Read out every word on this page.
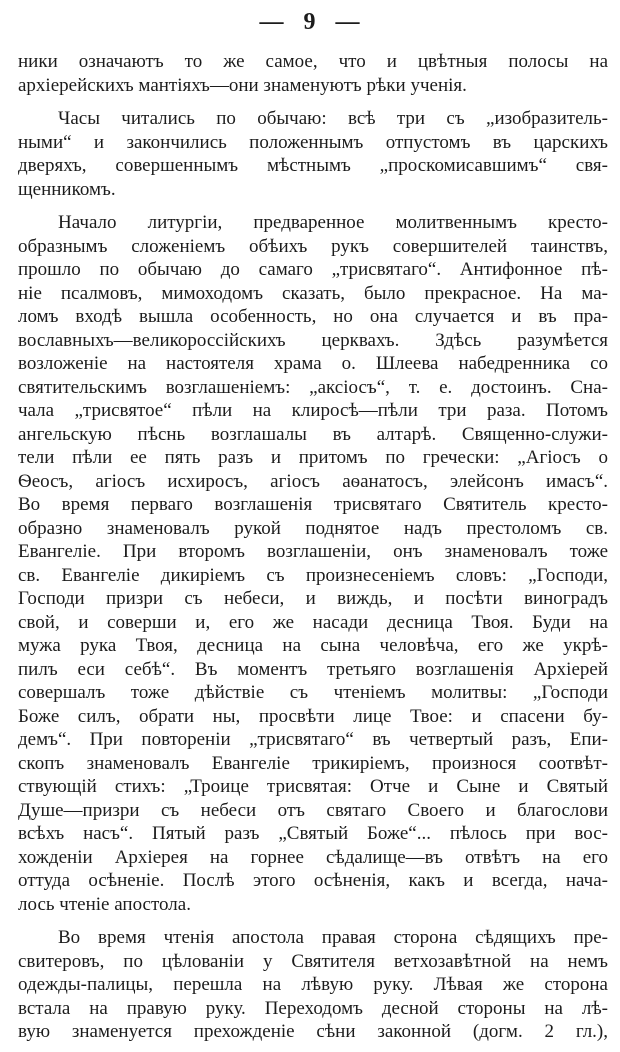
— 9 —

ники означаютъ то же самое, что и цвѣтныя полосы на
архіерейскихъ мантіяхъ—они знаменуютъ рѣки ученія.

Часы читались по обычаю: всѣ три съ „изобразитель-
ными“ и закончились положеннымъ отпустомъ въ царскихъ
дверяхъ, совершеннымъ мѣстнымъ „проскомисавшимъ“ свя-
щенникомъ.

Начало литургіи, предваренное молитвеннымъ кресто-
образнымъ сложеніемъ обѣихъ рукъ совершителей таинствъ,
прошло по обычаю до самаго „трисвятаго“. Антифонное пѣ-
ніе псалмовъ, мимоходомъ сказать, было прекрасное. На ма-
ломъ входѣ вышла особенность, но она случается и въ пра-
вославныхъ—великороссійскихъ церквахъ. Здѣсь разумѣется
возложеніе на настоятеля храма о. Шлеева набедренника со
святительскимъ возглашеніемъ: „аксіосъ“, т. е. достоинъ. Сна-
чала „трисвятое“ пѣли на клиросѣ—пѣли три раза. Потомъ
ангельскую пѣснь возглашалы въ алтарѣ. Священно-служи-
тели пѣли ее пять разъ и притомъ по гречески: „Агіосъ о
Ѳеосъ, агіосъ исхиросъ, агіосъ аѳанатосъ, элейсонъ имасъ“.
Во время перваго возглашенія трисвятаго Святитель кресто-
образно знаменовалъ рукой поднятое надъ престоломъ св.
Евангеліе. При второмъ возглашеніи, онъ знаменовалъ тоже
св. Евангеліе дикиріемъ съ произнесеніемъ словъ: „Господи,
Господи призри съ небеси, и виждь, и посѣти виноградъ
свой, и соверши и, его же насади десница Твоя. Буди на
мужа рука Твоя, десница на сына человѣча, его же укрѣ-
пилъ еси себѣ“. Въ моментъ третьяго возглашенія Архіерей
совершалъ тоже дѣйствіе съ чтеніемъ молитвы: „Господи
Боже силъ, обрати ны, просвѣти лице Твое: и спасени бу-
демъ“. При повтореніи „трисвятаго“ въ четвертый разъ, Епи-
скопъ знаменовалъ Евангеліе трикиріемъ, произнося соотвѣт-
ствующій стихъ: „Троице трисвятая: Отче и Сыне и Святый
Душе—призри съ небеси отъ святаго Своего и благослови
всѣхъ насъ“. Пятый разъ „Святый Боже“... пѣлось при вос-
хожденіи Архіерея на горнее сѣдалище—въ отвѣтъ на его
оттуда осѣненіе. Послѣ этого осѣненія, какъ и всегда, нача-
лось чтеніе апостола.

Во время чтенія апостола правая сторона сѣдящихъ пре-
свитеровъ, по цѣлованіи у Святителя ветхозавѣтной на немъ
одежды-палицы, перешла на лѣвую руку. Лѣвая же сторона
встала на правую руку. Переходомъ десной стороны на лѣ-
вую знаменуется прехожденіе сѣни законной (догм. 2 гл.),
